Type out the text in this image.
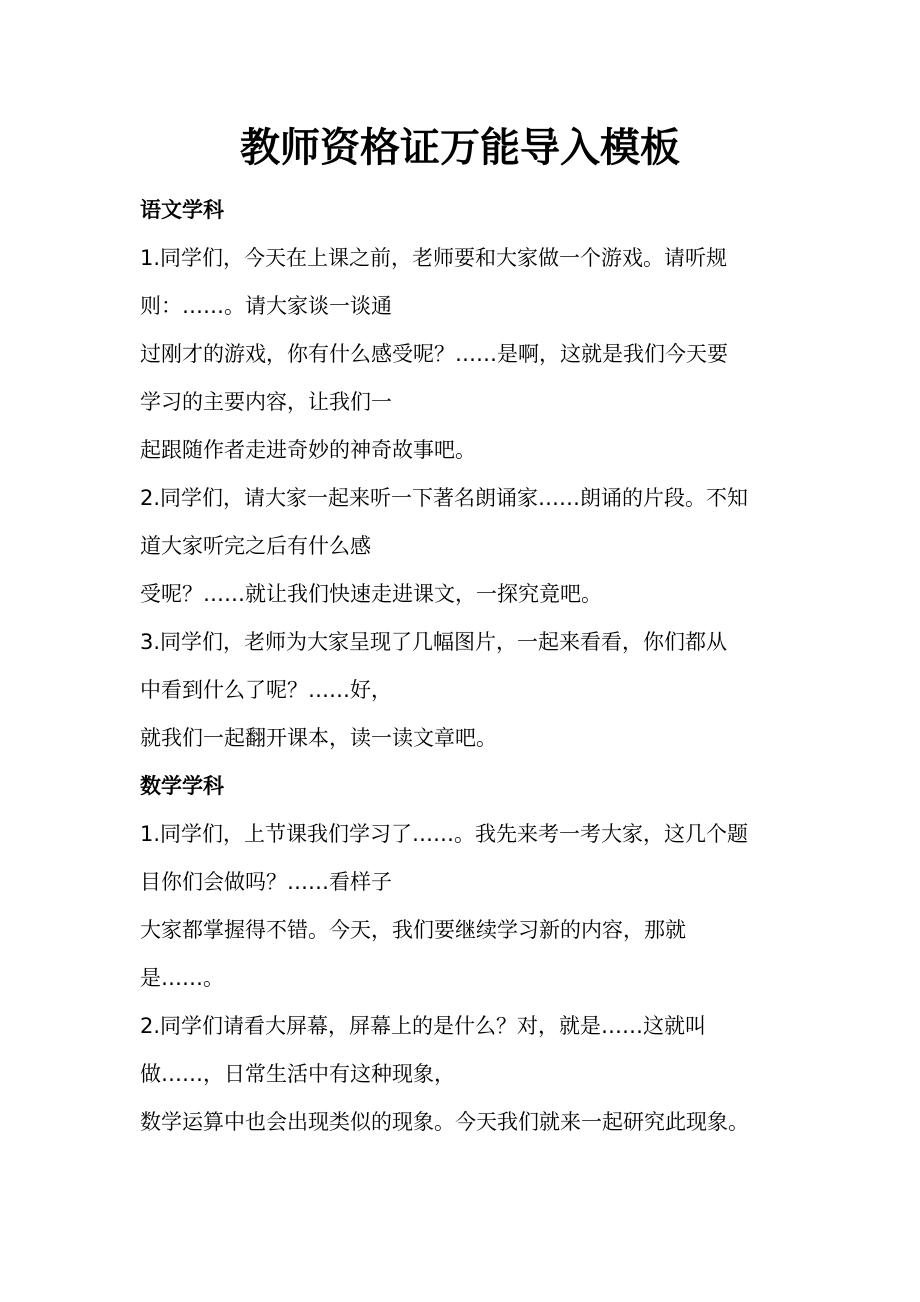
教师资格证万能导入模板

语文学科

1.同学们，今天在上课之前，老师要和大家做一个游戏。请听规

则：……。请大家谈一谈通

过刚才的游戏，你有什么感受呢？……是啊，这就是我们今天要

学习的主要内容，让我们一

起跟随作者走进奇妙的神奇故事吧。

2.同学们，请大家一起来听一下著名朗诵家……朗诵的片段。不知

道大家听完之后有什么感

受呢？……就让我们快速走进课文，一探究竟吧。

3.同学们，老师为大家呈现了几幅图片，一起来看看，你们都从

中看到什么了呢？……好，

就我们一起翻开课本，读一读文章吧。

数学学科

1.同学们，上节课我们学习了……。我先来考一考大家，这几个题

目你们会做吗？……看样子

大家都掌握得不错。今天，我们要继续学习新的内容，那就

是……。

2.同学们请看大屏幕，屏幕上的是什么？对，就是……这就叫

做……，日常生活中有这种现象，

数学运算中也会出现类似的现象。今天我们就来一起研究此现象。
